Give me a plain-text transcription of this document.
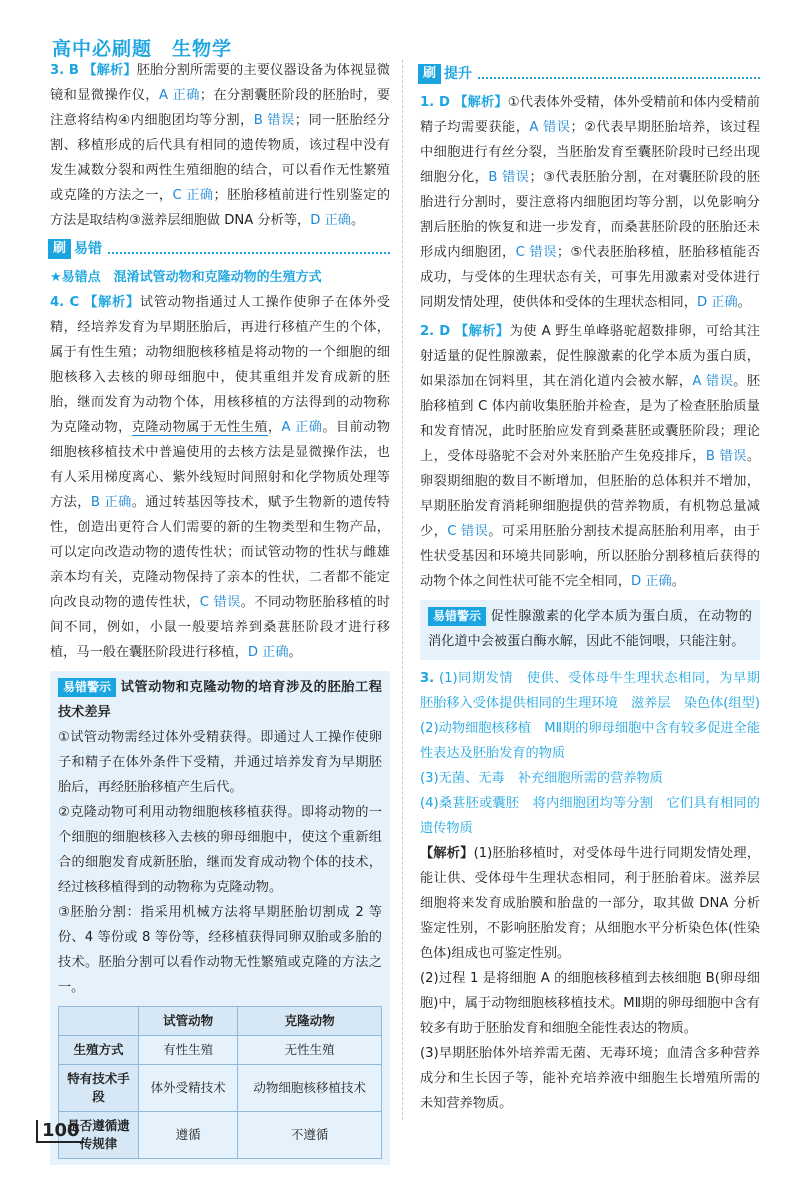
高中必刷题　生物学

3. B 【解析】胚胎分割所需要的主要仪器设备为体视显微镜和显微操作仪，A 正确；在分割囊胚阶段的胚胎时，要注意将结构④内细胞团均等分割，B 错误；同一胚胎经分割、移植形成的后代具有相同的遗传物质，该过程中没有发生减数分裂和两性生殖细胞的结合，可以看作无性繁殖或克隆的方法之一，C 正确；胚胎移植前进行性别鉴定的方法是取结构③滋养层细胞做 DNA 分析等，D 正确。

刷 易错

★易错点　混淆试管动物和克隆动物的生殖方式

4. C 【解析】试管动物指通过人工操作使卵子在体外受精，经培养发育为早期胚胎后，再进行移植产生的个体，属于有性生殖；动物细胞核移植是将动物的一个细胞的细胞核移入去核的卵母细胞中，使其重组并发育成新的胚胎，继而发育为动物个体，用核移植的方法得到的动物称为克隆动物，克隆动物属于无性生殖，A 正确。目前动物细胞核移植技术中普遍使用的去核方法是显微操作法，也有人采用梯度离心、紫外线短时间照射和化学物质处理等方法，B 正确。通过转基因等技术，赋予生物新的遗传特性，创造出更符合人们需要的新的生物类型和生物产品，可以定向改造动物的遗传性状；而试管动物的性状与雌雄亲本均有关，克隆动物保持了亲本的性状，二者都不能定向改良动物的遗传性状，C 错误。不同动物胚胎移植的时间不同，例如，小鼠一般要培养到桑葚胚阶段才进行移植，马一般在囊胚阶段进行移植，D 正确。

易错警示 试管动物和克隆动物的培育涉及的胚胎工程技术差异

①试管动物需经过体外受精获得。即通过人工操作使卵子和精子在体外条件下受精，并通过培养发育为早期胚胎后，再经胚胎移植产生后代。

②克隆动物可利用动物细胞核移植获得。即将动物的一个细胞的细胞核移入去核的卵母细胞中，使这个重新组合的细胞发育成新胚胎，继而发育成动物个体的技术，经过核移植得到的动物称为克隆动物。

③胚胎分割：指采用机械方法将早期胚胎切割成 2 等份、4 等份或 8 等份等，经移植获得同卵双胎或多胎的技术。胚胎分割可以看作动物无性繁殖或克隆的方法之一。

	试管动物	克隆动物
生殖方式	有性生殖	无性生殖
特有技术手段	体外受精技术	动物细胞核移植技术
是否遵循遗传规律	遵循	不遵循
刷 提升

1. D 【解析】①代表体外受精，体外受精前和体内受精前精子均需要获能，A 错误；②代表早期胚胎培养，该过程中细胞进行有丝分裂，当胚胎发育至囊胚阶段时已经出现细胞分化，B 错误；③代表胚胎分割，在对囊胚阶段的胚胎进行分割时，要注意将内细胞团均等分割，以免影响分割后胚胎的恢复和进一步发育，而桑葚胚阶段的胚胎还未形成内细胞团，C 错误；⑤代表胚胎移植，胚胎移植能否成功，与受体的生理状态有关，可事先用激素对受体进行同期发情处理，使供体和受体的生理状态相同，D 正确。

2. D 【解析】为使 A 野生单峰骆驼超数排卵，可给其注射适量的促性腺激素，促性腺激素的化学本质为蛋白质，如果添加在饲料里，其在消化道内会被水解，A 错误。胚胎移植到 C 体内前收集胚胎并检查，是为了检查胚胎质量和发育情况，此时胚胎应发育到桑葚胚或囊胚阶段；理论上，受体母骆驼不会对外来胚胎产生免疫排斥，B 错误。卵裂期细胞的数目不断增加，但胚胎的总体积并不增加，早期胚胎发育消耗卵细胞提供的营养物质，有机物总量减少，C 错误。可采用胚胎分割技术提高胚胎利用率，由于性状受基因和环境共同影响，所以胚胎分割移植后获得的动物个体之间性状可能不完全相同，D 正确。

易错警示 促性腺激素的化学本质为蛋白质，在动物的消化道中会被蛋白酶水解，因此不能饲喂，只能注射。

3. (1)同期发情　使供、受体母牛生理状态相同，为早期胚胎移入受体提供相同的生理环境　滋养层　染色体(组型)

(2)动物细胞核移植　MⅡ期的卵母细胞中含有较多促进全能性表达及胚胎发育的物质

(3)无菌、无毒　补充细胞所需的营养物质

(4)桑葚胚或囊胚　将内细胞团均等分割　它们具有相同的遗传物质

【解析】(1)胚胎移植时，对受体母牛进行同期发情处理，能让供、受体母牛生理状态相同，利于胚胎着床。滋养层细胞将来发育成胎膜和胎盘的一部分，取其做 DNA 分析鉴定性别，不影响胚胎发育；从细胞水平分析染色体(性染色体)组成也可鉴定性别。

(2)过程 1 是将细胞 A 的细胞核移植到去核细胞 B(卵母细胞)中，属于动物细胞核移植技术。MⅡ期的卵母细胞中含有较多有助于胚胎发育和细胞全能性表达的物质。

(3)早期胚胎体外培养需无菌、无毒环境；血清含多种营养成分和生长因子等，能补充培养液中细胞生长增殖所需的未知营养物质。

100
